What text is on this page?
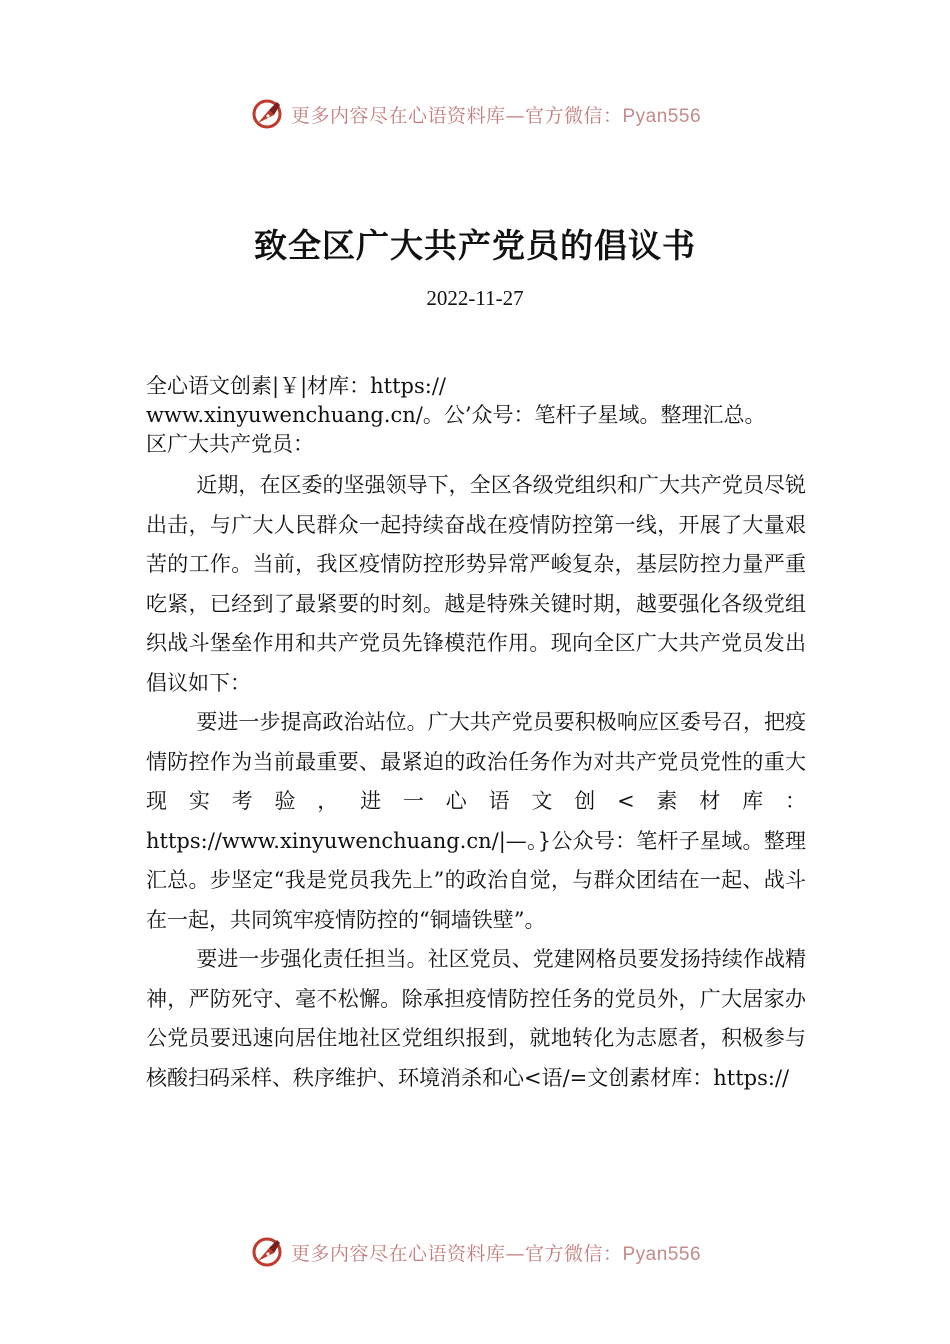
更多内容尽在心语资料库—官方微信：Pyan556
致全区广大共产党员的倡议书
2022-11-27
全心语文创素|￥|材库：https://
www.xinyuwenchuang.cn/。公’众号：笔杆子星域。整理汇总。
区广大共产党员：

近期，在区委的坚强领导下，全区各级党组织和广大共产党员尽锐出击，与广大人民群众一起持续奋战在疫情防控第一线，开展了大量艰苦的工作。当前，我区疫情防控形势异常严峻复杂，基层防控力量严重吃紧，已经到了最紧要的时刻。越是特殊关键时期，越要强化各级党组织战斗堡垒作用和共产党员先锋模范作用。现向全区广大共产党员发出倡议如下：

要进一步提高政治站位。广大共产党员要积极响应区委号召，把疫情防控作为当前最重要、最紧迫的政治任务作为对共产党员党性的重大现实考验，进一心语文创<素材库：https://www.xinyuwenchuang.cn/|—。}公众号：笔杆子星域。整理汇总。步坚定“我是党员我先上”的政治自觉，与群众团结在一起、战斗在一起，共同筑牢疫情防控的“铜墙铁壁”。

要进一步强化责任担当。社区党员、党建网格员要发扬持续作战精神，严防死守、毫不松懈。除承担疫情防控任务的党员外，广大居家办公党员要迅速向居住地社区党组织报到，就地转化为志愿者，积极参与核酸扫码采样、秩序维护、环境消杀和心<语/=文创素材库：https://

更多内容尽在心语资料库—官方微信：Pyan556
